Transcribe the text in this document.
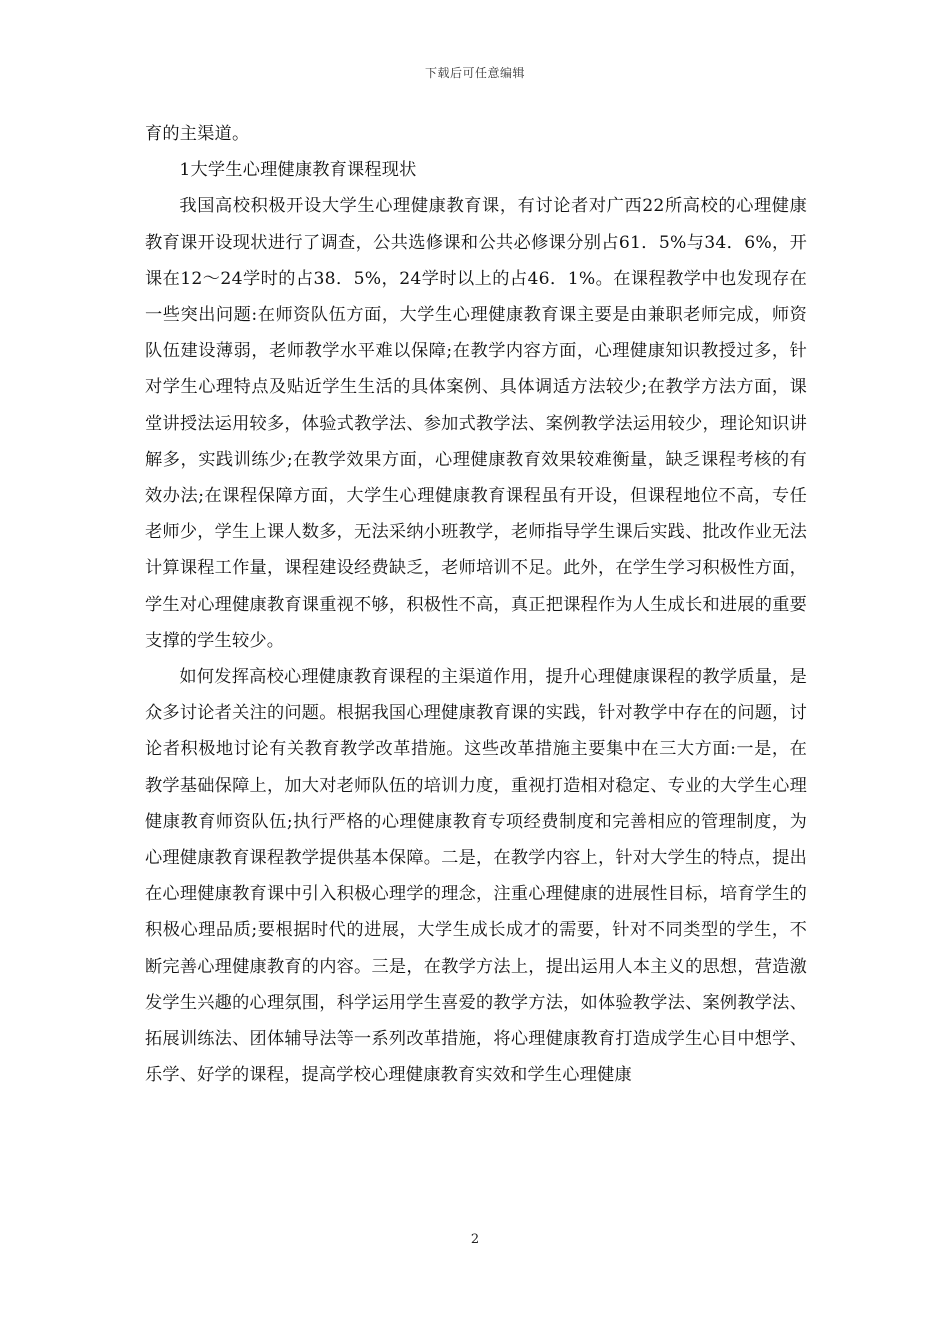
下载后可任意编辑

育的主渠道。

1大学生心理健康教育课程现状

我国高校积极开设大学生心理健康教育课，有讨论者对广西22所高校的心理健康教育课开设现状进行了调查，公共选修课和公共必修课分别占61．5%与34．6%，开课在12～24学时的占38．5%，24学时以上的占46．1%。在课程教学中也发现存在一些突出问题:在师资队伍方面，大学生心理健康教育课主要是由兼职老师完成，师资队伍建设薄弱，老师教学水平难以保障;在教学内容方面，心理健康知识教授过多，针对学生心理特点及贴近学生生活的具体案例、具体调适方法较少;在教学方法方面，课堂讲授法运用较多，体验式教学法、参加式教学法、案例教学法运用较少，理论知识讲解多，实践训练少;在教学效果方面，心理健康教育效果较难衡量，缺乏课程考核的有效办法;在课程保障方面，大学生心理健康教育课程虽有开设，但课程地位不高，专任老师少，学生上课人数多，无法采纳小班教学，老师指导学生课后实践、批改作业无法计算课程工作量，课程建设经费缺乏，老师培训不足。此外，在学生学习积极性方面，学生对心理健康教育课重视不够，积极性不高，真正把课程作为人生成长和进展的重要支撑的学生较少。

如何发挥高校心理健康教育课程的主渠道作用，提升心理健康课程的教学质量，是众多讨论者关注的问题。根据我国心理健康教育课的实践，针对教学中存在的问题，讨论者积极地讨论有关教育教学改革措施。这些改革措施主要集中在三大方面:一是，在教学基础保障上，加大对老师队伍的培训力度，重视打造相对稳定、专业的大学生心理健康教育师资队伍;执行严格的心理健康教育专项经费制度和完善相应的管理制度，为心理健康教育课程教学提供基本保障。二是，在教学内容上，针对大学生的特点，提出在心理健康教育课中引入积极心理学的理念，注重心理健康的进展性目标，培育学生的积极心理品质;要根据时代的进展，大学生成长成才的需要，针对不同类型的学生，不断完善心理健康教育的内容。三是，在教学方法上，提出运用人本主义的思想，营造激发学生兴趣的心理氛围，科学运用学生喜爱的教学方法，如体验教学法、案例教学法、拓展训练法、团体辅导法等一系列改革措施，将心理健康教育打造成学生心目中想学、乐学、好学的课程，提高学校心理健康教育实效和学生心理健康

2
